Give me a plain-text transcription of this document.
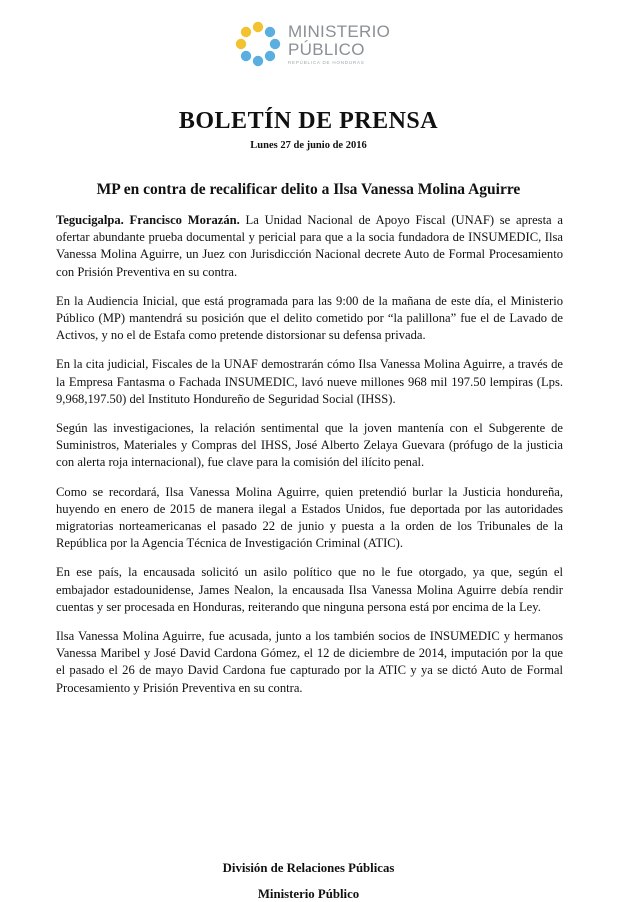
MINISTERIO
PÚBLICO
REPÚBLICA DE HONDURAS
BOLETÍN DE PRENSA
Lunes 27 de junio de 2016
MP en contra de recalificar delito a Ilsa Vanessa Molina Aguirre

Tegucigalpa. Francisco Morazán. La Unidad Nacional de Apoyo Fiscal (UNAF) se apresta a ofertar abundante prueba documental y pericial para que a la socia fundadora de INSUMEDIC, Ilsa Vanessa Molina Aguirre, un Juez con Jurisdicción Nacional decrete Auto de Formal Procesamiento con Prisión Preventiva en su contra.

En la Audiencia Inicial, que está programada para las 9:00 de la mañana de este día, el Ministerio Público (MP) mantendrá su posición que el delito cometido por “la palillona” fue el de Lavado de Activos, y no el de Estafa como pretende distorsionar su defensa privada.

En la cita judicial, Fiscales de la UNAF demostrarán cómo Ilsa Vanessa Molina Aguirre, a través de la Empresa Fantasma o Fachada INSUMEDIC, lavó nueve millones 968 mil 197.50 lempiras (Lps. 9,968,197.50) del Instituto Hondureño de Seguridad Social (IHSS).

Según las investigaciones, la relación sentimental que la joven mantenía con el Subgerente de Suministros, Materiales y Compras del IHSS, José Alberto Zelaya Guevara (prófugo de la justicia con alerta roja internacional), fue clave para la comisión del ilícito penal.

Como se recordará, Ilsa Vanessa Molina Aguirre, quien pretendió burlar la Justicia hondureña, huyendo en enero de 2015 de manera ilegal a Estados Unidos, fue deportada por las autoridades migratorias norteamericanas el pasado 22 de junio y puesta a la orden de los Tribunales de la República por la Agencia Técnica de Investigación Criminal (ATIC).

En ese país, la encausada solicitó un asilo político que no le fue otorgado, ya que, según el embajador estadounidense, James Nealon, la encausada Ilsa Vanessa Molina Aguirre debía rendir cuentas y ser procesada en Honduras, reiterando que ninguna persona está por encima de la Ley.

Ilsa Vanessa Molina Aguirre, fue acusada, junto a los también socios de INSUMEDIC y hermanos Vanessa Maribel y José David Cardona Gómez, el 12 de diciembre de 2014, imputación por la que el pasado el 26 de mayo David Cardona fue capturado por la ATIC y ya se dictó Auto de Formal Procesamiento y Prisión Preventiva en su contra.

División de Relaciones Públicas
Ministerio Público
